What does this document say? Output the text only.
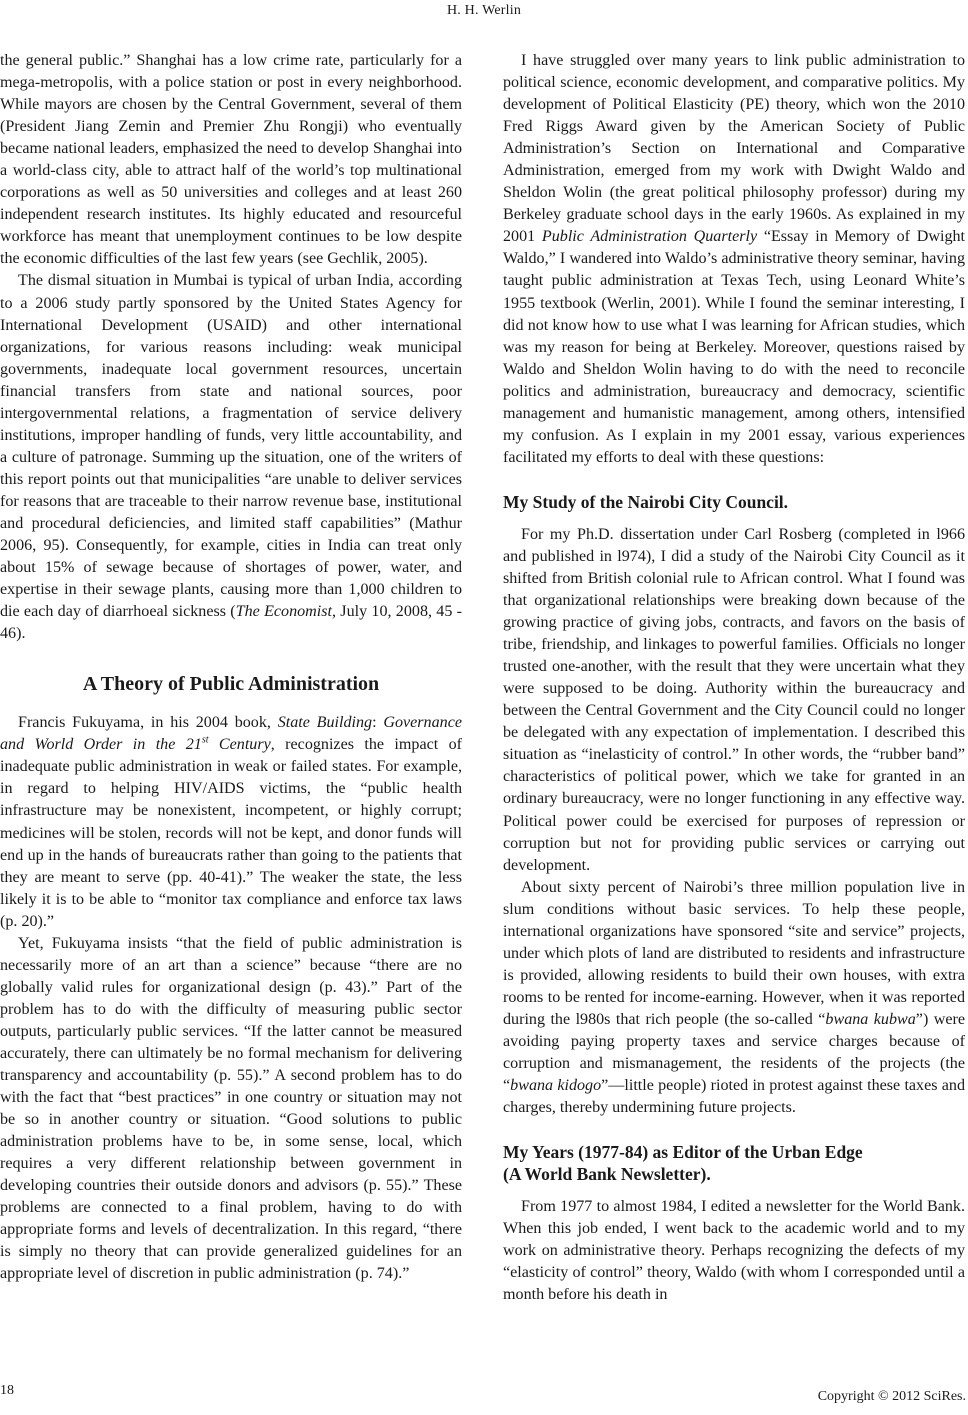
H. H. Werlin

the general public.” Shanghai has a low crime rate, particularly for a mega-metropolis, with a police station or post in every neighborhood. While mayors are chosen by the Central Government, several of them (President Jiang Zemin and Premier Zhu Rongji) who eventually became national leaders, emphasized the need to develop Shanghai into a world-class city, able to attract half of the world’s top multinational corporations as well as 50 universities and colleges and at least 260 independent research institutes. Its highly educated and resourceful workforce has meant that unemployment continues to be low despite the economic difficulties of the last few years (see Gechlik, 2005).

The dismal situation in Mumbai is typical of urban India, according to a 2006 study partly sponsored by the United States Agency for International Development (USAID) and other international organizations, for various reasons including: weak municipal governments, inadequate local government resources, uncertain financial transfers from state and national sources, poor intergovernmental relations, a fragmentation of service delivery institutions, improper handling of funds, very little accountability, and a culture of patronage. Summing up the situation, one of the writers of this report points out that municipalities “are unable to deliver services for reasons that are traceable to their narrow revenue base, institutional and procedural deficiencies, and limited staff capabilities” (Mathur 2006, 95). Consequently, for example, cities in India can treat only about 15% of sewage because of shortages of power, water, and expertise in their sewage plants, causing more than 1,000 children to die each day of diarrhoeal sickness (The Economist, July 10, 2008, 45 - 46).

A Theory of Public Administration

Francis Fukuyama, in his 2004 book, State Building: Governance and World Order in the 21st Century, recognizes the impact of inadequate public administration in weak or failed states. For example, in regard to helping HIV/AIDS victims, the “public health infrastructure may be nonexistent, incompetent, or highly corrupt; medicines will be stolen, records will not be kept, and donor funds will end up in the hands of bureaucrats rather than going to the patients that they are meant to serve (pp. 40-41).” The weaker the state, the less likely it is to be able to “monitor tax compliance and enforce tax laws (p. 20).”

Yet, Fukuyama insists “that the field of public administration is necessarily more of an art than a science” because “there are no globally valid rules for organizational design (p. 43).” Part of the problem has to do with the difficulty of measuring public sector outputs, particularly public services. “If the latter cannot be measured accurately, there can ultimately be no formal mechanism for delivering transparency and accountability (p. 55).” A second problem has to do with the fact that “best practices” in one country or situation may not be so in another country or situation. “Good solutions to public administration problems have to be, in some sense, local, which requires a very different relationship between government in developing countries their outside donors and advisors (p. 55).” These problems are connected to a final problem, having to do with appropriate forms and levels of decentralization. In this regard, “there is simply no theory that can provide generalized guidelines for an appropriate level of discretion in public administration (p. 74).”

I have struggled over many years to link public administration to political science, economic development, and comparative politics. My development of Political Elasticity (PE) theory, which won the 2010 Fred Riggs Award given by the American Society of Public Administration’s Section on International and Comparative Administration, emerged from my work with Dwight Waldo and Sheldon Wolin (the great political philosophy professor) during my Berkeley graduate school days in the early 1960s. As explained in my 2001 Public Administration Quarterly “Essay in Memory of Dwight Waldo,” I wandered into Waldo’s administrative theory seminar, having taught public administration at Texas Tech, using Leonard White’s 1955 textbook (Werlin, 2001). While I found the seminar interesting, I did not know how to use what I was learning for African studies, which was my reason for being at Berkeley. Moreover, questions raised by Waldo and Sheldon Wolin having to do with the need to reconcile politics and administration, bureaucracy and democracy, scientific management and humanistic management, among others, intensified my confusion. As I explain in my 2001 essay, various experiences facilitated my efforts to deal with these questions:

My Study of the Nairobi City Council.

For my Ph.D. dissertation under Carl Rosberg (completed in l966 and published in l974), I did a study of the Nairobi City Council as it shifted from British colonial rule to African control. What I found was that organizational relationships were breaking down because of the growing practice of giving jobs, contracts, and favors on the basis of tribe, friendship, and linkages to powerful families. Officials no longer trusted one-another, with the result that they were uncertain what they were supposed to be doing. Authority within the bureaucracy and between the Central Government and the City Council could no longer be delegated with any expectation of implementation. I described this situation as “inelasticity of control.” In other words, the “rubber band” characteristics of political power, which we take for granted in an ordinary bureaucracy, were no longer functioning in any effective way. Political power could be exercised for purposes of repression or corruption but not for providing public services or carrying out development.

About sixty percent of Nairobi’s three million population live in slum conditions without basic services. To help these people, international organizations have sponsored “site and service” projects, under which plots of land are distributed to residents and infrastructure is provided, allowing residents to build their own houses, with extra rooms to be rented for income-earning. However, when it was reported during the l980s that rich people (the so-called “bwana kubwa”) were avoiding paying property taxes and service charges because of corruption and mismanagement, the residents of the projects (the “bwana kidogo”—little people) rioted in protest against these taxes and charges, thereby undermining future projects.

My Years (1977-84) as Editor of the Urban Edge
(A World Bank Newsletter).

From 1977 to almost 1984, I edited a newsletter for the World Bank. When this job ended, I went back to the academic world and to my work on administrative theory. Perhaps recognizing the defects of my “elasticity of control” theory, Waldo (with whom I corresponded until a month before his death in

18	Copyright © 2012 SciRes.
